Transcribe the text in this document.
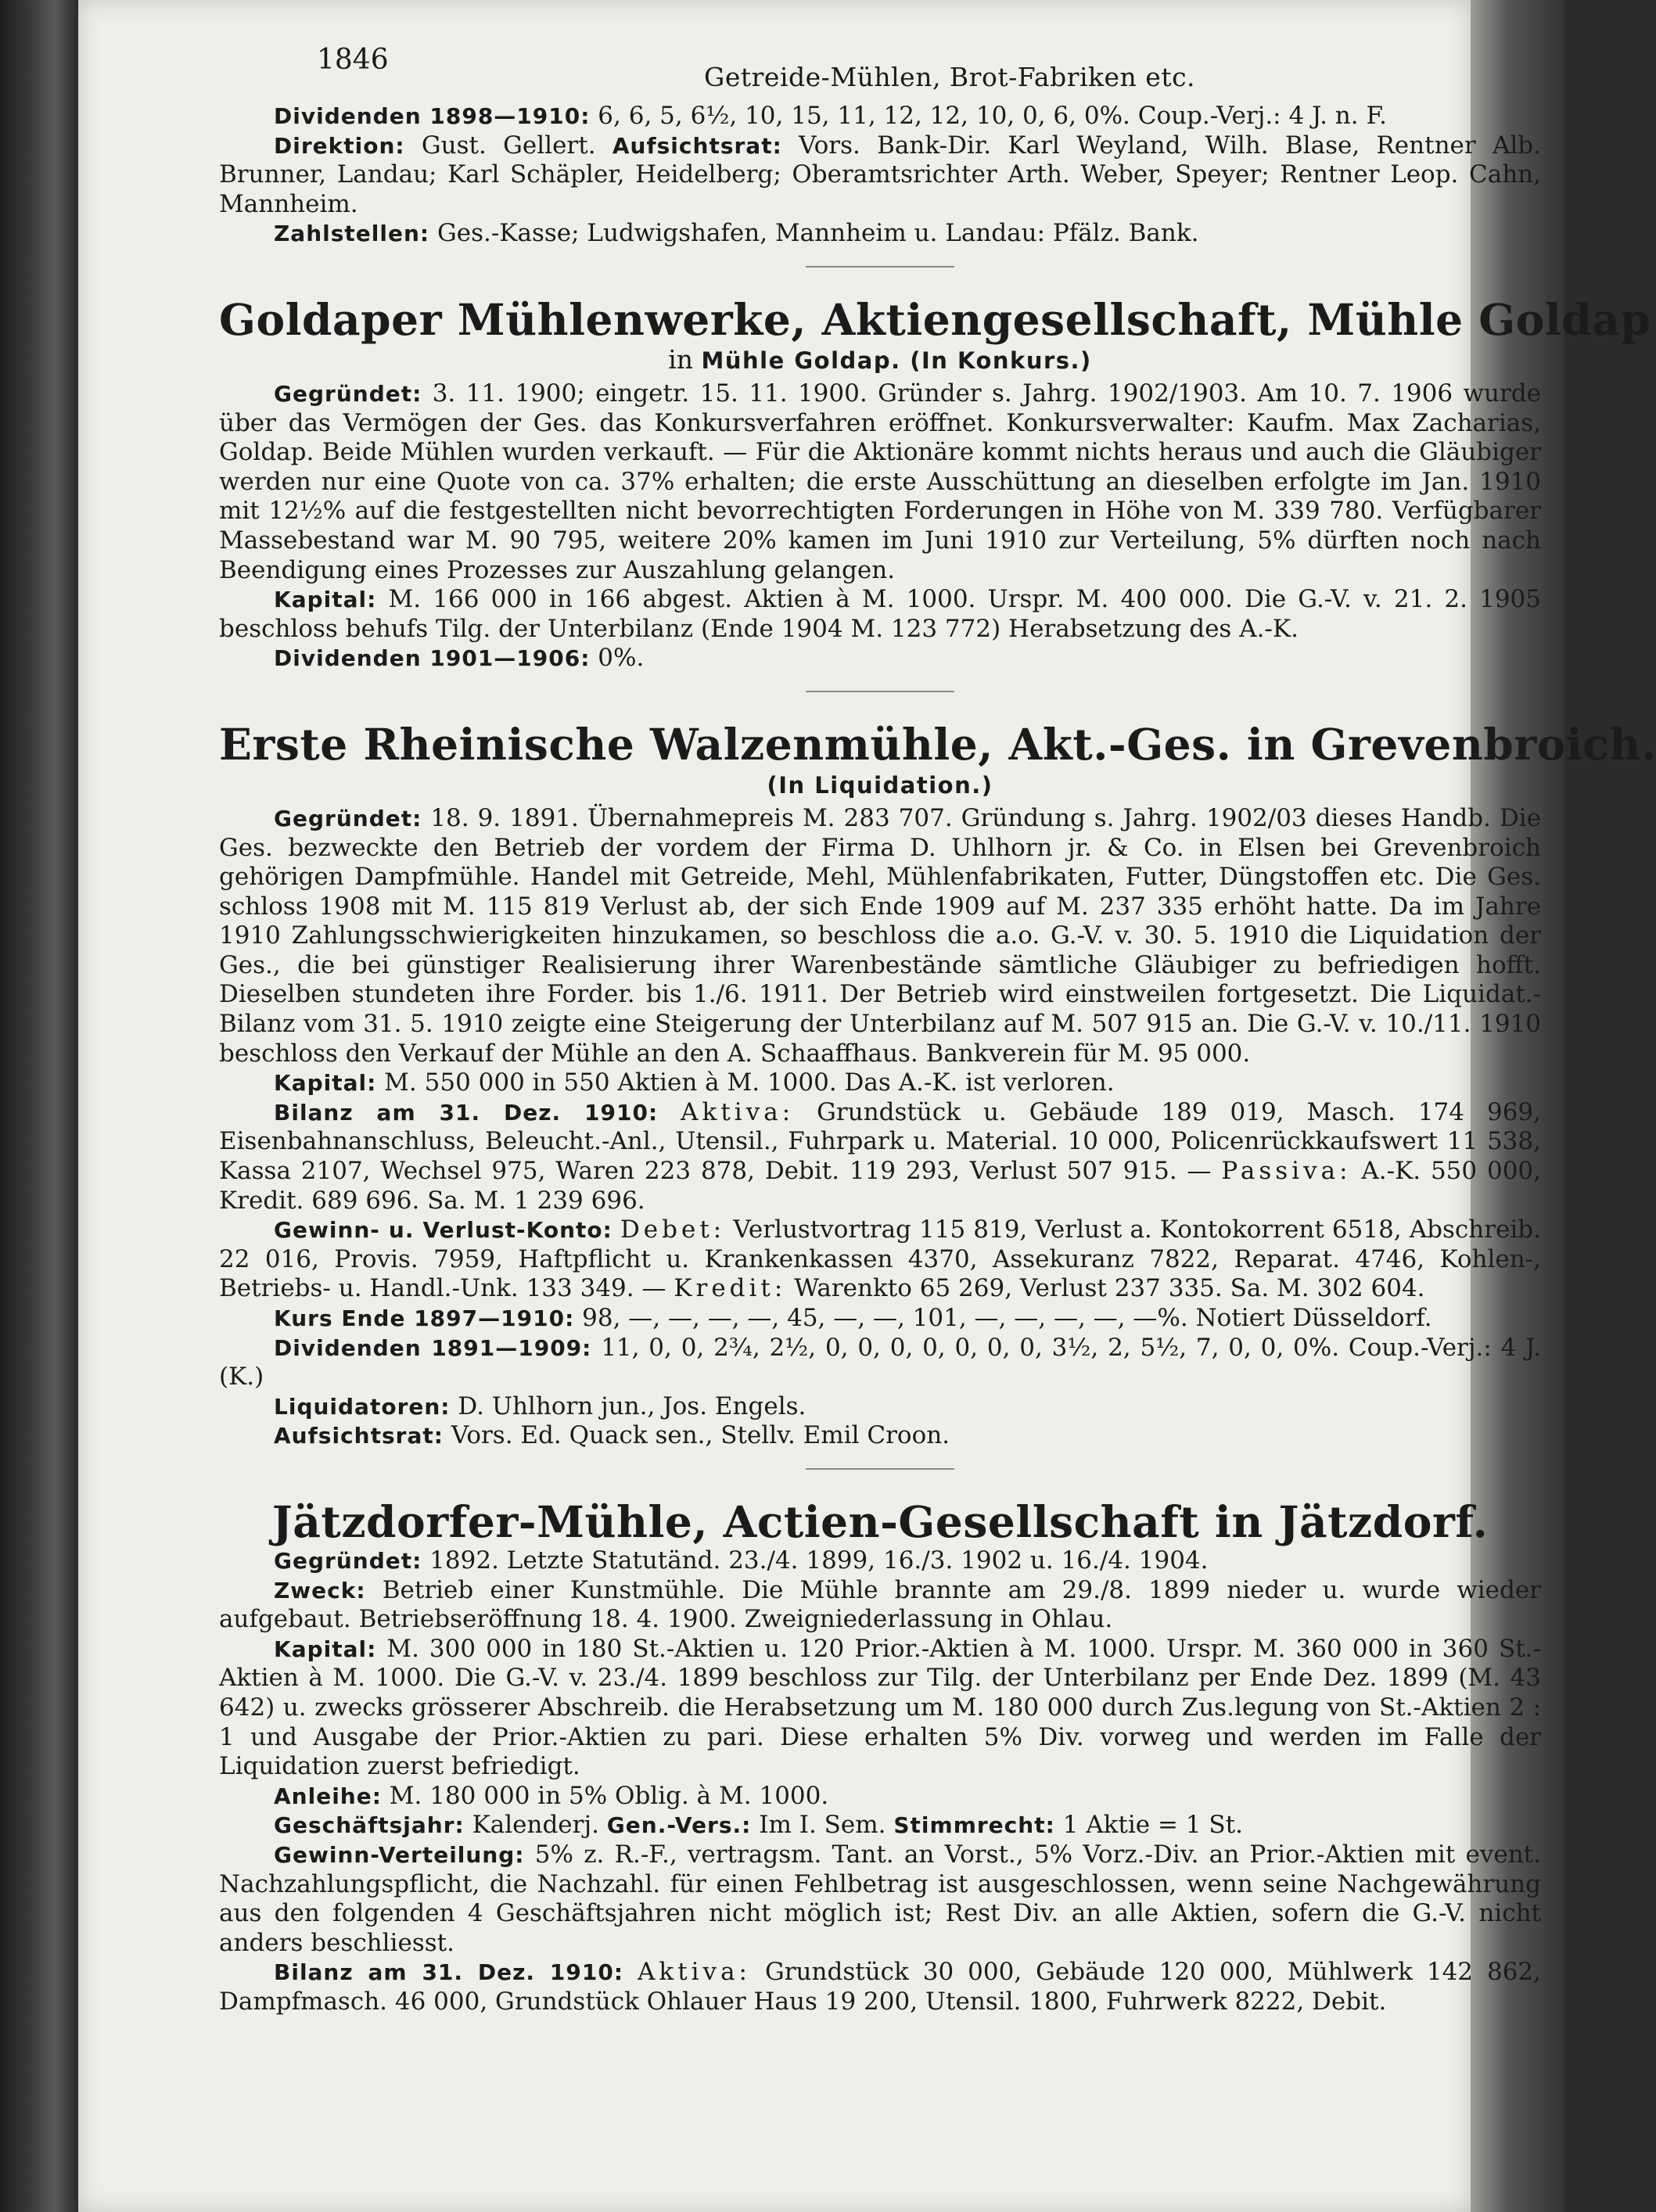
1846
Getreide-Mühlen, Brot-Fabriken etc.

Dividenden 1898—1910: 6, 6, 5, 6½, 10, 15, 11, 12, 12, 10, 0, 6, 0%. Coup.-Verj.: 4 J. n. F.

Direktion: Gust. Gellert. Aufsichtsrat: Vors. Bank-Dir. Karl Weyland, Wilh. Blase, Rentner Alb. Brunner, Landau; Karl Schäpler, Heidelberg; Oberamtsrichter Arth. Weber, Speyer; Rentner Leop. Cahn, Mannheim.

Zahlstellen: Ges.-Kasse; Ludwigshafen, Mannheim u. Landau: Pfälz. Bank.

Goldaper Mühlenwerke, Aktiengesellschaft, Mühle Goldap
in Mühle Goldap. (In Konkurs.)

Gegründet: 3. 11. 1900; eingetr. 15. 11. 1900. Gründer s. Jahrg. 1902/1903. Am 10. 7. 1906 wurde über das Vermögen der Ges. das Konkursverfahren eröffnet. Konkursverwalter: Kaufm. Max Zacharias, Goldap. Beide Mühlen wurden verkauft. — Für die Aktionäre kommt nichts heraus und auch die Gläubiger werden nur eine Quote von ca. 37% erhalten; die erste Ausschüttung an dieselben erfolgte im Jan. 1910 mit 12½% auf die festgestellten nicht bevorrechtigten Forderungen in Höhe von M. 339 780. Verfügbarer Massebestand war M. 90 795, weitere 20% kamen im Juni 1910 zur Verteilung, 5% dürften noch nach Beendigung eines Prozesses zur Auszahlung gelangen.

Kapital: M. 166 000 in 166 abgest. Aktien à M. 1000. Urspr. M. 400 000. Die G.-V. v. 21. 2. 1905 beschloss behufs Tilg. der Unterbilanz (Ende 1904 M. 123 772) Herabsetzung des A.-K.

Dividenden 1901—1906: 0%.

Erste Rheinische Walzenmühle, Akt.-Ges. in Grevenbroich.
(In Liquidation.)

Gegründet: 18. 9. 1891. Übernahmepreis M. 283 707. Gründung s. Jahrg. 1902/03 dieses Handb. Die Ges. bezweckte den Betrieb der vordem der Firma D. Uhlhorn jr. & Co. in Elsen bei Grevenbroich gehörigen Dampfmühle. Handel mit Getreide, Mehl, Mühlenfabrikaten, Futter, Düngstoffen etc. Die Ges. schloss 1908 mit M. 115 819 Verlust ab, der sich Ende 1909 auf M. 237 335 erhöht hatte. Da im Jahre 1910 Zahlungsschwierigkeiten hinzukamen, so beschloss die a.o. G.-V. v. 30. 5. 1910 die Liquidation der Ges., die bei günstiger Realisierung ihrer Warenbestände sämtliche Gläubiger zu befriedigen hofft. Dieselben stundeten ihre Forder. bis 1./6. 1911. Der Betrieb wird einstweilen fortgesetzt. Die Liquidat.-Bilanz vom 31. 5. 1910 zeigte eine Steigerung der Unterbilanz auf M. 507 915 an. Die G.-V. v. 10./11. 1910 beschloss den Verkauf der Mühle an den A. Schaaffhaus. Bankverein für M. 95 000.

Kapital: M. 550 000 in 550 Aktien à M. 1000. Das A.-K. ist verloren.

Bilanz am 31. Dez. 1910: Aktiva: Grundstück u. Gebäude 189 019, Masch. 174 969, Eisenbahnanschluss, Beleucht.-Anl., Utensil., Fuhrpark u. Material. 10 000, Policenrückkaufswert 11 538, Kassa 2107, Wechsel 975, Waren 223 878, Debit. 119 293, Verlust 507 915. — Passiva: A.-K. 550 000, Kredit. 689 696. Sa. M. 1 239 696.

Gewinn- u. Verlust-Konto: Debet: Verlustvortrag 115 819, Verlust a. Kontokorrent 6518, Abschreib. 22 016, Provis. 7959, Haftpflicht u. Krankenkassen 4370, Assekuranz 7822, Reparat. 4746, Kohlen-, Betriebs- u. Handl.-Unk. 133 349. — Kredit: Warenkto 65 269, Verlust 237 335. Sa. M. 302 604.

Kurs Ende 1897—1910: 98, —, —, —, —, 45, —, —, 101, —, —, —, —, —%. Notiert Düsseldorf.

Dividenden 1891—1909: 11, 0, 0, 2¾, 2½, 0, 0, 0, 0, 0, 0, 0, 3½, 2, 5½, 7, 0, 0, 0%. Coup.-Verj.: 4 J. (K.)

Liquidatoren: D. Uhlhorn jun., Jos. Engels.

Aufsichtsrat: Vors. Ed. Quack sen., Stellv. Emil Croon.

Jätzdorfer-Mühle, Actien-Gesellschaft in Jätzdorf.

Gegründet: 1892. Letzte Statutänd. 23./4. 1899, 16./3. 1902 u. 16./4. 1904.

Zweck: Betrieb einer Kunstmühle. Die Mühle brannte am 29./8. 1899 nieder u. wurde wieder aufgebaut. Betriebseröffnung 18. 4. 1900. Zweigniederlassung in Ohlau.

Kapital: M. 300 000 in 180 St.-Aktien u. 120 Prior.-Aktien à M. 1000. Urspr. M. 360 000 in 360 St.-Aktien à M. 1000. Die G.-V. v. 23./4. 1899 beschloss zur Tilg. der Unterbilanz per Ende Dez. 1899 (M. 43 642) u. zwecks grösserer Abschreib. die Herabsetzung um M. 180 000 durch Zus.legung von St.-Aktien 2 : 1 und Ausgabe der Prior.-Aktien zu pari. Diese erhalten 5% Div. vorweg und werden im Falle der Liquidation zuerst befriedigt.

Anleihe: M. 180 000 in 5% Oblig. à M. 1000.

Geschäftsjahr: Kalenderj. Gen.-Vers.: Im I. Sem. Stimmrecht: 1 Aktie = 1 St.

Gewinn-Verteilung: 5% z. R.-F., vertragsm. Tant. an Vorst., 5% Vorz.-Div. an Prior.-Aktien mit event. Nachzahlungspflicht, die Nachzahl. für einen Fehlbetrag ist ausgeschlossen, wenn seine Nachgewährung aus den folgenden 4 Geschäftsjahren nicht möglich ist; Rest Div. an alle Aktien, sofern die G.-V. nicht anders beschliesst.

Bilanz am 31. Dez. 1910: Aktiva: Grundstück 30 000, Gebäude 120 000, Mühlwerk 142 862, Dampfmasch. 46 000, Grundstück Ohlauer Haus 19 200, Utensil. 1800, Fuhrwerk 8222, Debit.
